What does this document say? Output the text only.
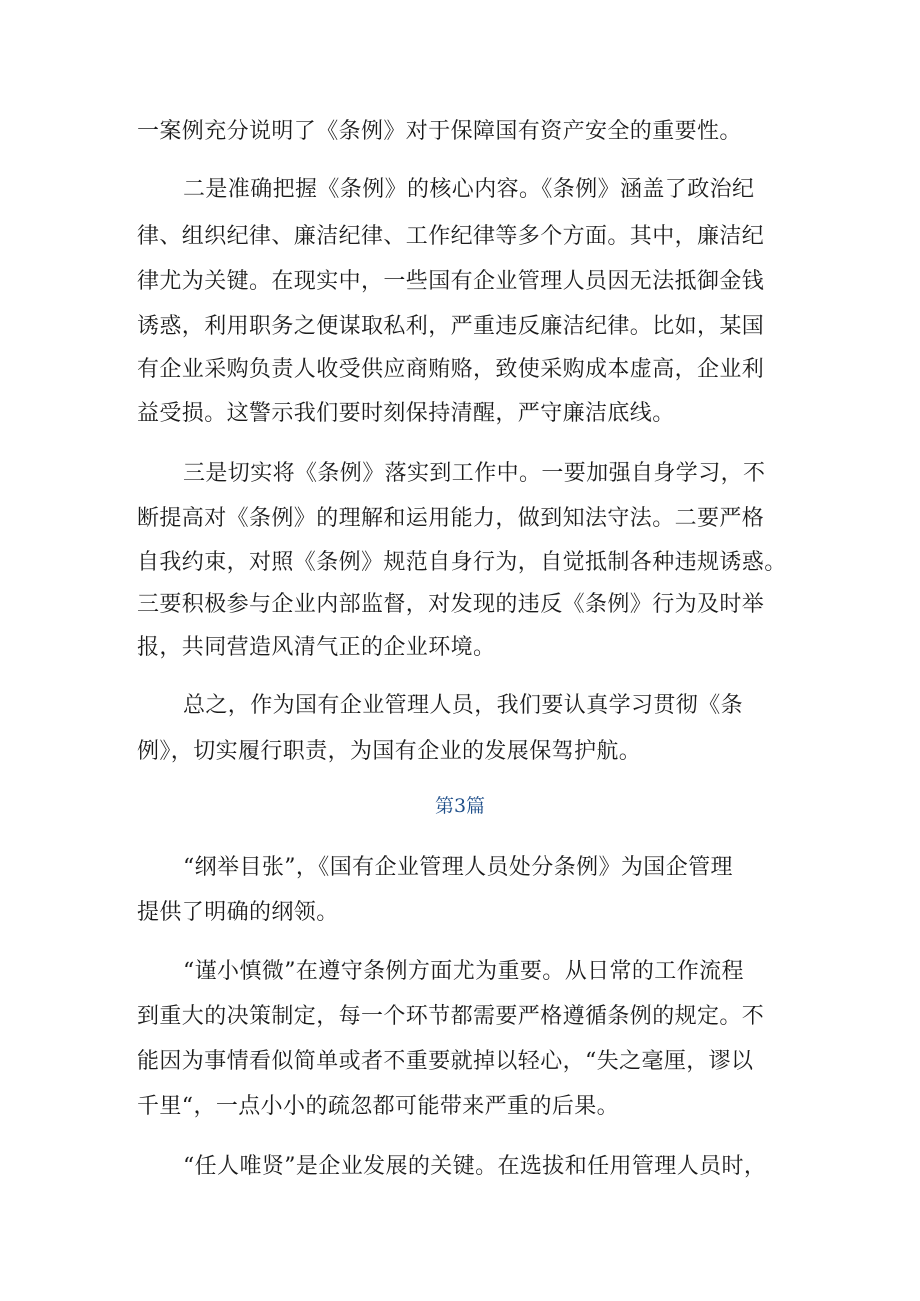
一案例充分说明了《条例》对于保障国有资产安全的重要性。
二是准确把握《条例》的核心内容。《条例》涵盖了政治纪
律、组织纪律、廉洁纪律、工作纪律等多个方面。其中，廉洁纪
律尤为关键。在现实中，一些国有企业管理人员因无法抵御金钱
诱惑，利用职务之便谋取私利，严重违反廉洁纪律。比如，某国
有企业采购负责人收受供应商贿赂，致使采购成本虚高，企业利
益受损。这警示我们要时刻保持清醒，严守廉洁底线。
三是切实将《条例》落实到工作中。一要加强自身学习，不
断提高对《条例》的理解和运用能力，做到知法守法。二要严格
自我约束，对照《条例》规范自身行为，自觉抵制各种违规诱惑。
三要积极参与企业内部监督，对发现的违反《条例》行为及时举
报，共同营造风清气正的企业环境。
总之，作为国有企业管理人员，我们要认真学习贯彻《条
例》，切实履行职责，为国有企业的发展保驾护航。
第3篇
“纲举目张”，《国有企业管理人员处分条例》为国企管理
提供了明确的纲领。
“谨小慎微”在遵守条例方面尤为重要。从日常的工作流程
到重大的决策制定，每一个环节都需要严格遵循条例的规定。不
能因为事情看似简单或者不重要就掉以轻心，“失之毫厘，谬以
千里“，一点小小的疏忽都可能带来严重的后果。
“任人唯贤”是企业发展的关键。在选拔和任用管理人员时，
